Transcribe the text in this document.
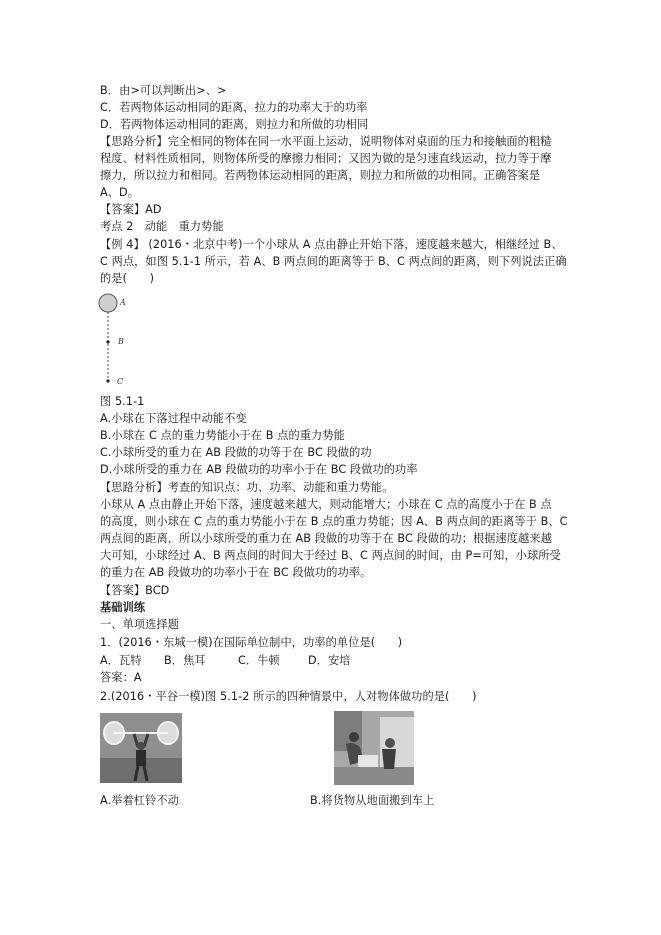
B．由>可以判断出>、>
C．若两物体运动相同的距离，拉力的功率大于的功率
D．若两物体运动相同的距离，则拉力和所做的功相同
【思路分析】完全相同的物体在同一水平面上运动，说明物体对桌面的压力和接触面的粗糙
程度、材料性质相同，则物体所受的摩擦力相同；又因为做的是匀速直线运动，拉力等于摩
擦力，所以拉力和相同。若两物体运动相同的距离，则拉力和所做的功相同。正确答案是
A、D。
【答案】AD
考点 2　动能　重力势能
【例 4】 (2016・北京中考)一个小球从 A 点由静止开始下落，速度越来越大，相继经过 B、
C 两点，如图 5.1-1 所示，若 A、B 两点间的距离等于 B、C 两点间的距离，则下列说法正确
的是(　　)
A
B
C
图 5.1-1
A.小球在下落过程中动能不变
B.小球在 C 点的重力势能小于在 B 点的重力势能
C.小球所受的重力在 AB 段做的功等于在 BC 段做的功
D.小球所受的重力在 AB 段做功的功率小于在 BC 段做功的功率
【思路分析】考查的知识点：功、功率、动能和重力势能。
小球从 A 点由静止开始下落，速度越来越大，则动能增大；小球在 C 点的高度小于在 B 点
的高度，则小球在 C 点的重力势能小于在 B 点的重力势能；因 A、B 两点间的距离等于 B、C
两点间的距离，所以小球所受的重力在 AB 段做的功等于在 BC 段做的功；根据速度越来越
大可知，小球经过 A、B 两点间的时间大于经过 B、C 两点间的时间，由 P=可知，小球所受
的重力在 AB 段做功的功率小于在 BC 段做功的功率。
【答案】BCD
基础训练
一、单项选择题
1．(2016・东城一模)在国际单位制中，功率的单位是(　　)
A．瓦特 B．焦耳	C．牛顿	D．安培
答案：A
2.(2016・平谷一模)图 5.1-2 所示的四种情景中，人对物体做功的是(　　)
A.举着杠铃不动	B.将货物从地面搬到车上
